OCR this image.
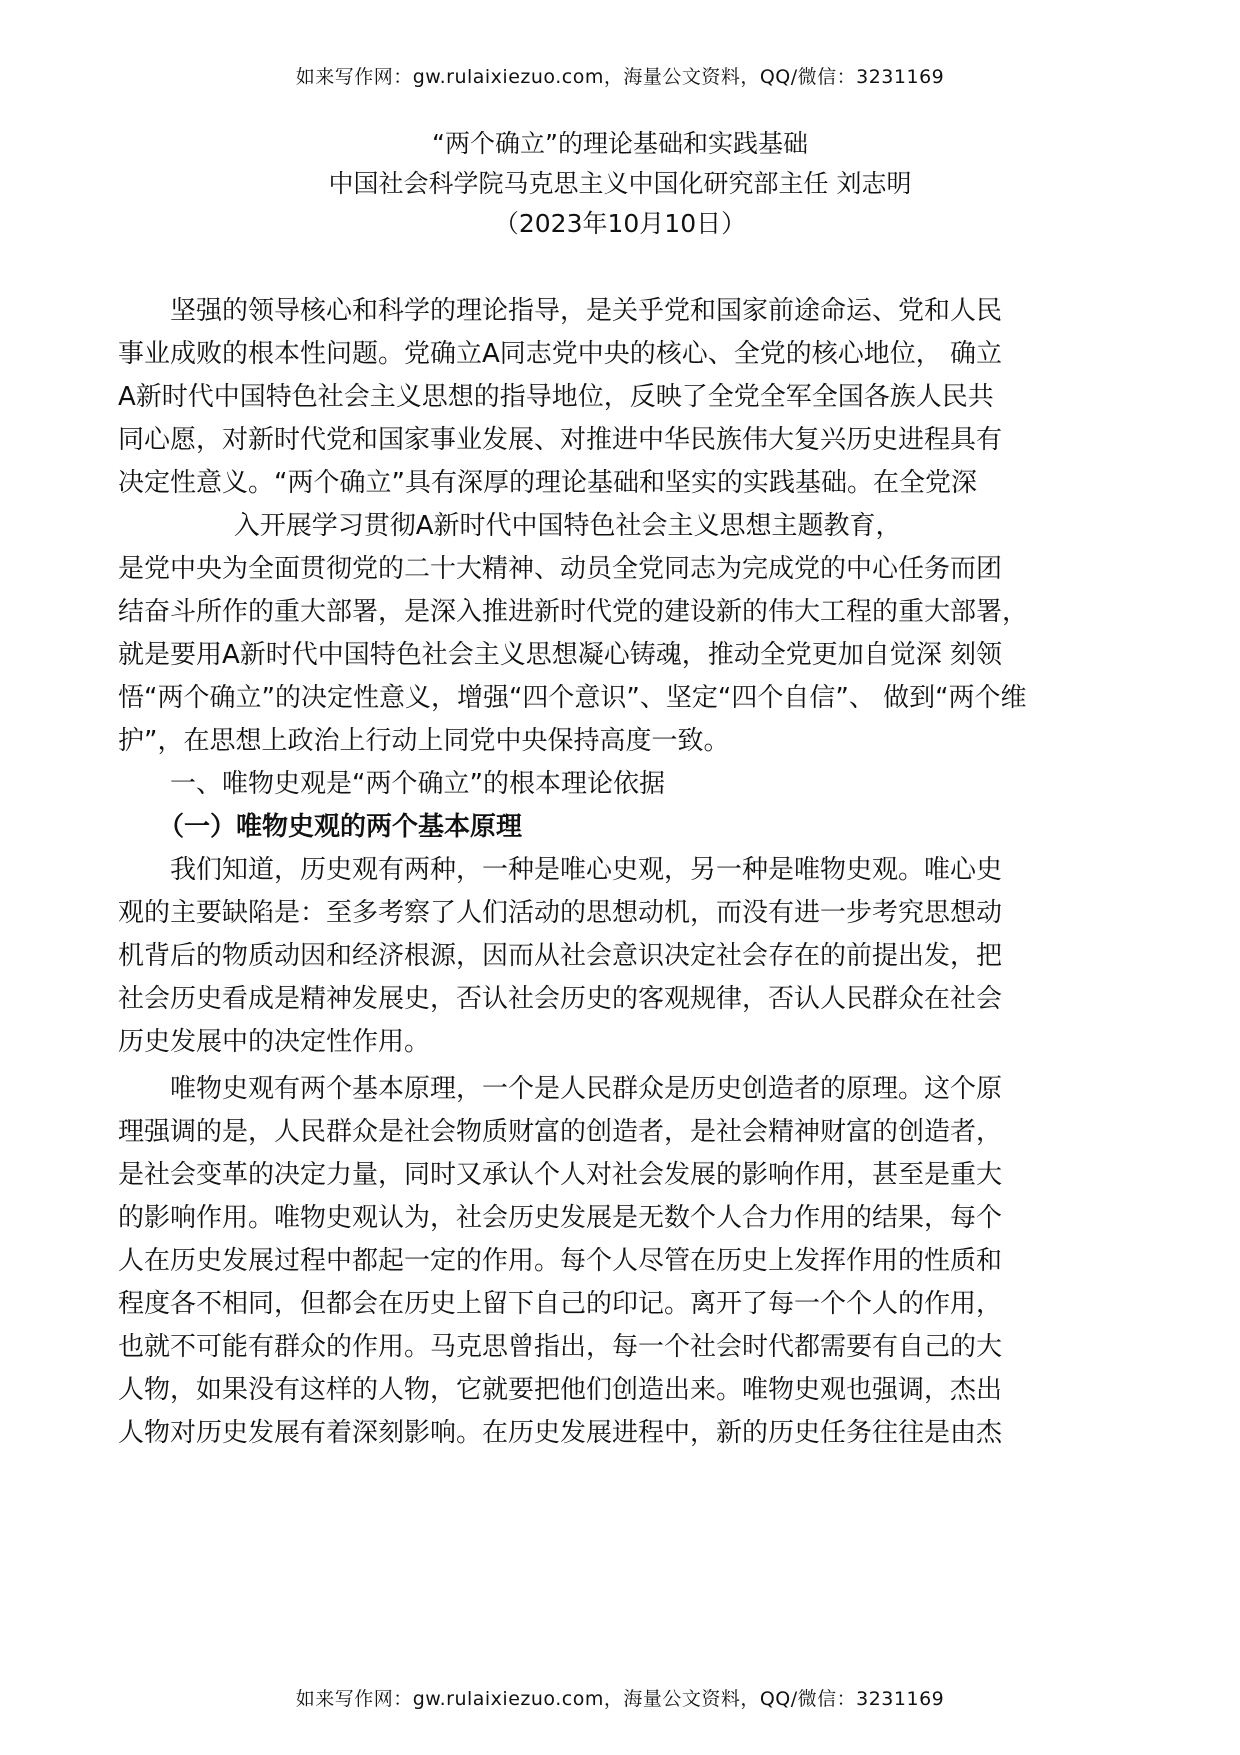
如来写作网：gw.rulaixiezuo.com，海量公文资料，QQ/微信：3231169
“两个确立”的理论基础和实践基础
中国社会科学院马克思主义中国化研究部主任 刘志明
（2023年10月10日）
坚强的领导核心和科学的理论指导，是关乎党和国家前途命运、党和人民
事业成败的根本性问题。党确立A同志党中央的核心、全党的核心地位， 确立
A新时代中国特色社会主义思想的指导地位，反映了全党全军全国各族人民共
同心愿，对新时代党和国家事业发展、对推进中华民族伟大复兴历史进程具有
决定性意义。“两个确立”具有深厚的理论基础和坚实的实践基础。在全党深
入开展学习贯彻A新时代中国特色社会主义思想主题教育，
是党中央为全面贯彻党的二十大精神、动员全党同志为完成党的中心任务而团
结奋斗所作的重大部署，是深入推进新时代党的建设新的伟大工程的重大部署，
就是要用A新时代中国特色社会主义思想凝心铸魂，推动全党更加自觉深 刻领
悟“两个确立”的决定性意义，增强“四个意识”、坚定“四个自信”、 做到“两个维
护”，在思想上政治上行动上同党中央保持高度一致。
一、唯物史观是“两个确立”的根本理论依据
（一）唯物史观的两个基本原理
我们知道，历史观有两种，一种是唯心史观，另一种是唯物史观。唯心史
观的主要缺陷是：至多考察了人们活动的思想动机，而没有进一步考究思想动
机背后的物质动因和经济根源，因而从社会意识决定社会存在的前提出发，把
社会历史看成是精神发展史，否认社会历史的客观规律，否认人民群众在社会
历史发展中的决定性作用。
唯物史观有两个基本原理，一个是人民群众是历史创造者的原理。这个原
理强调的是，人民群众是社会物质财富的创造者，是社会精神财富的创造者，
是社会变革的决定力量，同时又承认个人对社会发展的影响作用，甚至是重大
的影响作用。唯物史观认为，社会历史发展是无数个人合力作用的结果，每个
人在历史发展过程中都起一定的作用。每个人尽管在历史上发挥作用的性质和
程度各不相同，但都会在历史上留下自己的印记。离开了每一个个人的作用，
也就不可能有群众的作用。马克思曾指出，每一个社会时代都需要有自己的大
人物，如果没有这样的人物，它就要把他们创造出来。唯物史观也强调，杰出
人物对历史发展有着深刻影响。在历史发展进程中，新的历史任务往往是由杰
如来写作网：gw.rulaixiezuo.com，海量公文资料，QQ/微信：3231169
